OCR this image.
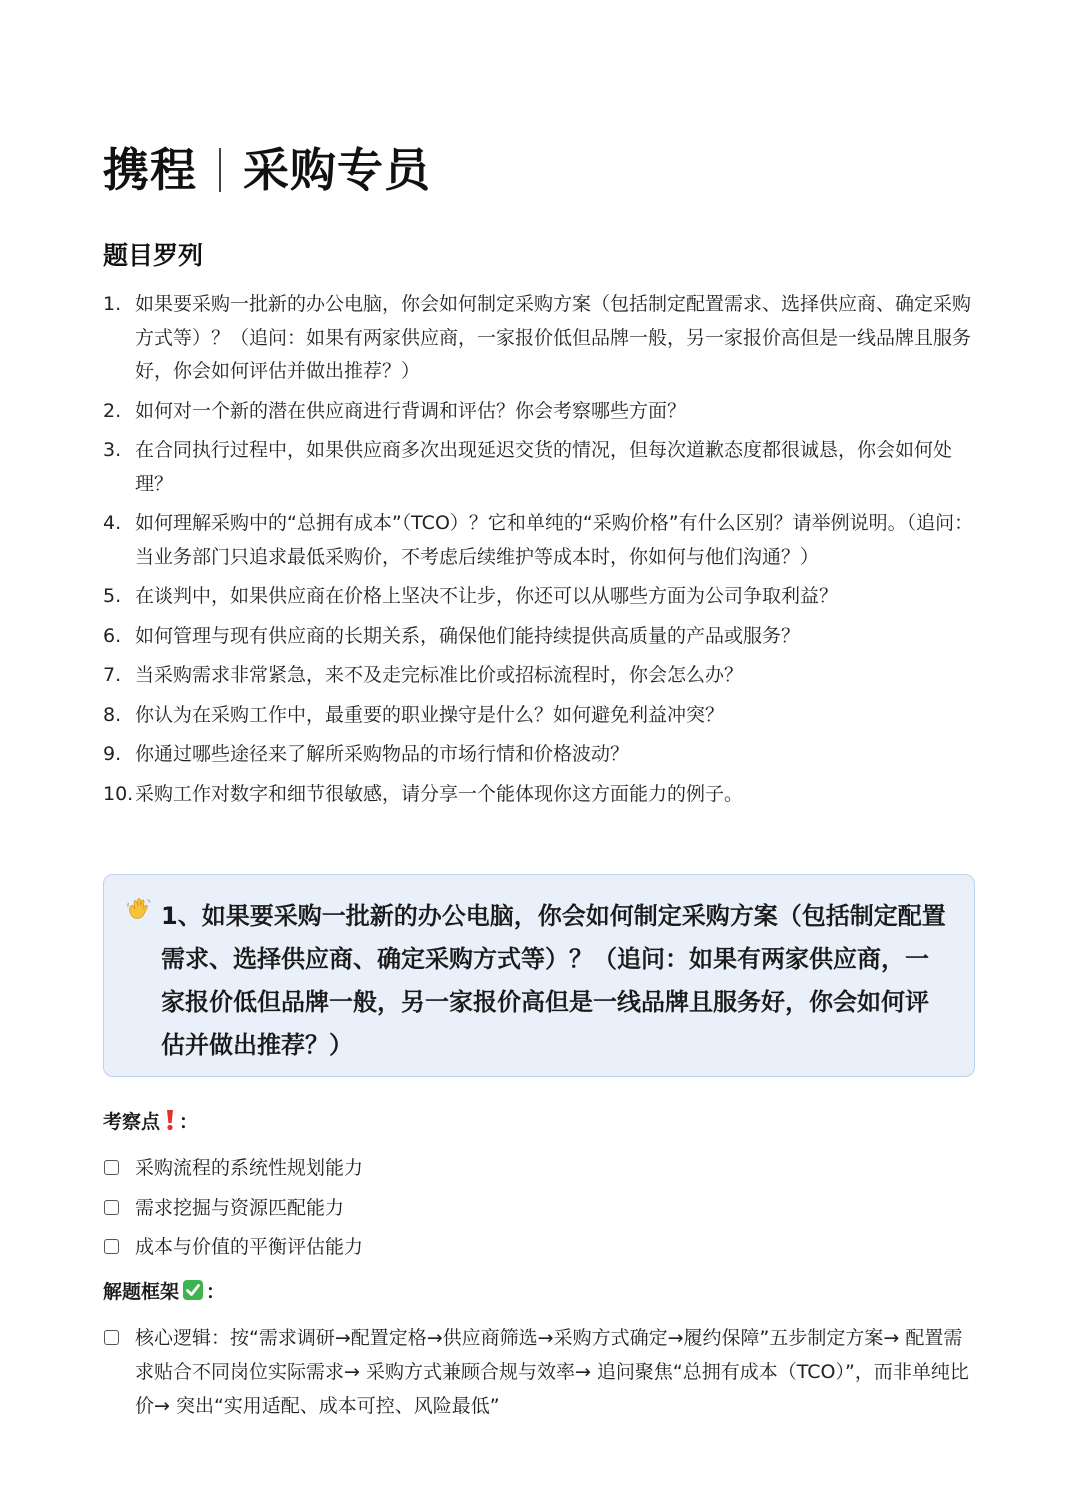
携程 采购专员
题目罗列
1. 如果要采购一批新的办公电脑，你会如何制定采购方案（包括制定配置需求、选择供应商、确定采购方式等）？（追问：如果有两家供应商，一家报价低但品牌一般，另一家报价高但是一线品牌且服务好，你会如何评估并做出推荐？）
2. 如何对一个新的潜在供应商进行背调和评估？你会考察哪些方面？
3. 在合同执行过程中，如果供应商多次出现延迟交货的情况，但每次道歉态度都很诚恳，你会如何处理？
4. 如何理解采购中的“总拥有成本”（TCO）？它和单纯的“采购价格”有什么区别？请举例说明。（追问：当业务部门只追求最低采购价，不考虑后续维护等成本时，你如何与他们沟通？）
5. 在谈判中，如果供应商在价格上坚决不让步，你还可以从哪些方面为公司争取利益？
6. 如何管理与现有供应商的长期关系，确保他们能持续提供高质量的产品或服务？
7. 当采购需求非常紧急，来不及走完标准比价或招标流程时，你会怎么办？
8. 你认为在采购工作中，最重要的职业操守是什么？如何避免利益冲突？
9. 你通过哪些途径来了解所采购物品的市场行情和价格波动？
10. 采购工作对数字和细节很敏感，请分享一个能体现你这方面能力的例子。
1、如果要采购一批新的办公电脑，你会如何制定采购方案（包括制定配置需求、选择供应商、确定采购方式等）？（追问：如果有两家供应商，一家报价低但品牌一般，另一家报价高但是一线品牌且服务好，你会如何评估并做出推荐？）
考察点 ：
采购流程的系统性规划能力
需求挖掘与资源匹配能力
成本与价值的平衡评估能力
解题框架 ：
核心逻辑：按“需求调研→配置定格→供应商筛选→采购方式确定→履约保障”五步制定方案→ 配置需求贴合不同岗位实际需求→ 采购方式兼顾合规与效率→ 追问聚焦“总拥有成本（TCO）”，而非单纯比价→ 突出“实用适配、成本可控、风险最低”
